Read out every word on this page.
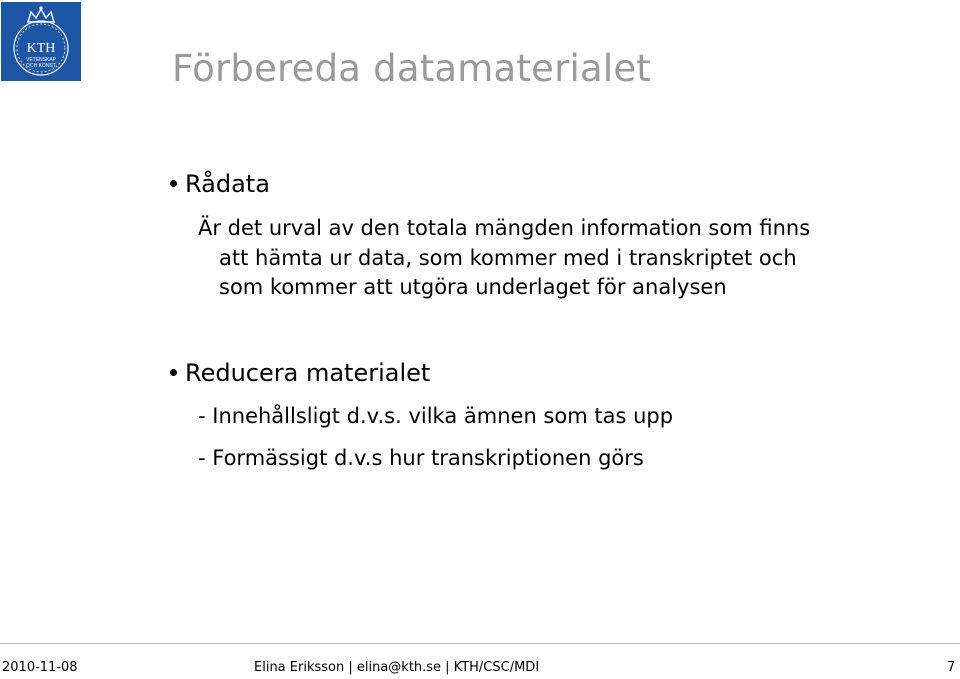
KTH
VETENSKAP
OCH KONST	Förbereda datamaterialet
Rådata
Är det urval av den totala mängden information som finns
att hämta ur data, som kommer med i transkriptet och
som kommer att utgöra underlaget för analysen
Reducera materialet
- Innehållsligt d.v.s. vilka ämnen som tas upp
- Formässigt d.v.s hur transkriptionen görs
2010-11-08	Elina Eriksson | elina@kth.se | KTH/CSC/MDI	7
